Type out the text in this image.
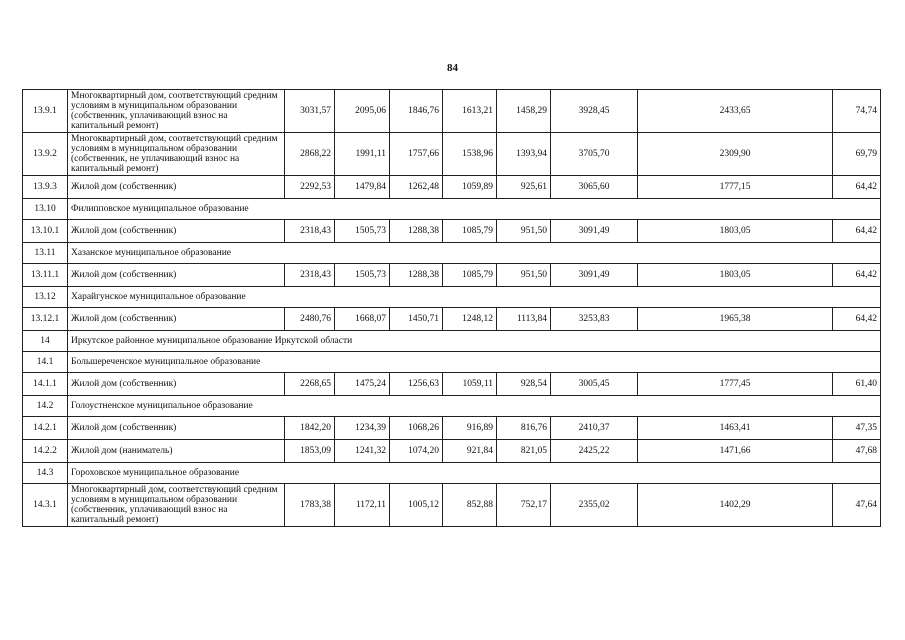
84
13.9.1	Многоквартирный дом, соответствующий средним условиям в муниципальном образовании (собственник, уплачивающий взнос на капитальный ремонт)	3031,57	2095,06	1846,76	1613,21	1458,29	3928,45	2433,65	74,74
13.9.2	Многоквартирный дом, соответствующий средним условиям в муниципальном образовании (собственник, не уплачивающий взнос на капитальный ремонт)	2868,22	1991,11	1757,66	1538,96	1393,94	3705,70	2309,90	69,79
13.9.3	Жилой дом (собственник)	2292,53	1479,84	1262,48	1059,89	925,61	3065,60	1777,15	64,42
13.10	Филипповское муниципальное образование								
13.10.1	Жилой дом (собственник)	2318,43	1505,73	1288,38	1085,79	951,50	3091,49	1803,05	64,42
13.11	Хазанское муниципальное образование								
13.11.1	Жилой дом (собственник)	2318,43	1505,73	1288,38	1085,79	951,50	3091,49	1803,05	64,42
13.12	Харайгунское муниципальное образование								
13.12.1	Жилой дом (собственник)	2480,76	1668,07	1450,71	1248,12	1113,84	3253,83	1965,38	64,42
14	Иркутское районное муниципальное образование Иркутской области								
14.1	Большереченское муниципальное образование								
14.1.1	Жилой дом (собственник)	2268,65	1475,24	1256,63	1059,11	928,54	3005,45	1777,45	61,40
14.2	Голоустненское муниципальное образование								
14.2.1	Жилой дом (собственник)	1842,20	1234,39	1068,26	916,89	816,76	2410,37	1463,41	47,35
14.2.2	Жилой дом (наниматель)	1853,09	1241,32	1074,20	921,84	821,05	2425,22	1471,66	47,68
14.3	Гороховское муниципальное образование								
14.3.1	Многоквартирный дом, соответствующий средним условиям в муниципальном образовании (собственник, уплачивающий взнос на капитальный ремонт)	1783,38	1172,11	1005,12	852,88	752,17	2355,02	1402,29	47,64
